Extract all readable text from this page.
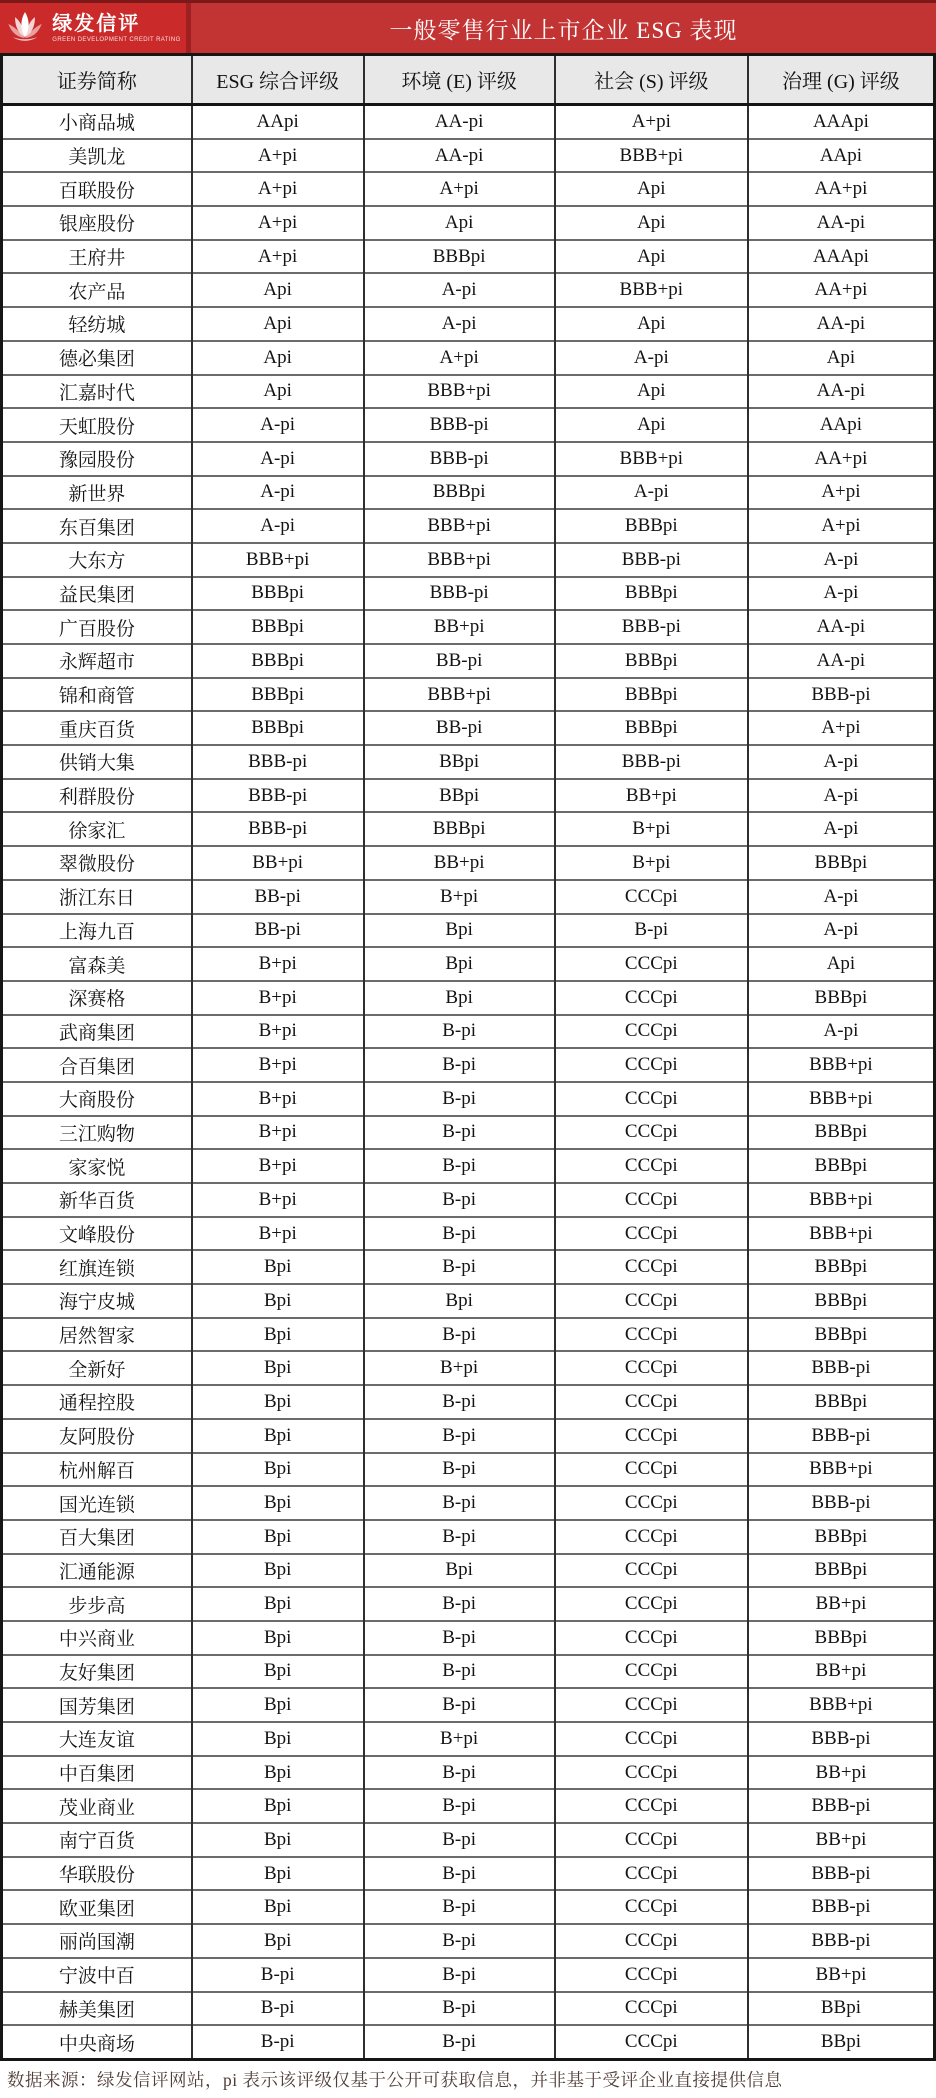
绿发信评
GREEN DEVELOPMENT CREDIT RATING	一般零售行业上市企业 ESG 表现
证券简称	ESG 综合评级	环境 (E) 评级	社会 (S) 评级	治理 (G) 评级
小商品城	AApi	AA-pi	A+pi	AAApi
美凯龙	A+pi	AA-pi	BBB+pi	AApi
百联股份	A+pi	A+pi	Api	AA+pi
银座股份	A+pi	Api	Api	AA-pi
王府井	A+pi	BBBpi	Api	AAApi
农产品	Api	A-pi	BBB+pi	AA+pi
轻纺城	Api	A-pi	Api	AA-pi
德必集团	Api	A+pi	A-pi	Api
汇嘉时代	Api	BBB+pi	Api	AA-pi
天虹股份	A-pi	BBB-pi	Api	AApi
豫园股份	A-pi	BBB-pi	BBB+pi	AA+pi
新世界	A-pi	BBBpi	A-pi	A+pi
东百集团	A-pi	BBB+pi	BBBpi	A+pi
大东方	BBB+pi	BBB+pi	BBB-pi	A-pi
益民集团	BBBpi	BBB-pi	BBBpi	A-pi
广百股份	BBBpi	BB+pi	BBB-pi	AA-pi
永辉超市	BBBpi	BB-pi	BBBpi	AA-pi
锦和商管	BBBpi	BBB+pi	BBBpi	BBB-pi
重庆百货	BBBpi	BB-pi	BBBpi	A+pi
供销大集	BBB-pi	BBpi	BBB-pi	A-pi
利群股份	BBB-pi	BBpi	BB+pi	A-pi
徐家汇	BBB-pi	BBBpi	B+pi	A-pi
翠微股份	BB+pi	BB+pi	B+pi	BBBpi
浙江东日	BB-pi	B+pi	CCCpi	A-pi
上海九百	BB-pi	Bpi	B-pi	A-pi
富森美	B+pi	Bpi	CCCpi	Api
深赛格	B+pi	Bpi	CCCpi	BBBpi
武商集团	B+pi	B-pi	CCCpi	A-pi
合百集团	B+pi	B-pi	CCCpi	BBB+pi
大商股份	B+pi	B-pi	CCCpi	BBB+pi
三江购物	B+pi	B-pi	CCCpi	BBBpi
家家悦	B+pi	B-pi	CCCpi	BBBpi
新华百货	B+pi	B-pi	CCCpi	BBB+pi
文峰股份	B+pi	B-pi	CCCpi	BBB+pi
红旗连锁	Bpi	B-pi	CCCpi	BBBpi
海宁皮城	Bpi	Bpi	CCCpi	BBBpi
居然智家	Bpi	B-pi	CCCpi	BBBpi
全新好	Bpi	B+pi	CCCpi	BBB-pi
通程控股	Bpi	B-pi	CCCpi	BBBpi
友阿股份	Bpi	B-pi	CCCpi	BBB-pi
杭州解百	Bpi	B-pi	CCCpi	BBB+pi
国光连锁	Bpi	B-pi	CCCpi	BBB-pi
百大集团	Bpi	B-pi	CCCpi	BBBpi
汇通能源	Bpi	Bpi	CCCpi	BBBpi
步步高	Bpi	B-pi	CCCpi	BB+pi
中兴商业	Bpi	B-pi	CCCpi	BBBpi
友好集团	Bpi	B-pi	CCCpi	BB+pi
国芳集团	Bpi	B-pi	CCCpi	BBB+pi
大连友谊	Bpi	B+pi	CCCpi	BBB-pi
中百集团	Bpi	B-pi	CCCpi	BB+pi
茂业商业	Bpi	B-pi	CCCpi	BBB-pi
南宁百货	Bpi	B-pi	CCCpi	BB+pi
华联股份	Bpi	B-pi	CCCpi	BBB-pi
欧亚集团	Bpi	B-pi	CCCpi	BBB-pi
丽尚国潮	Bpi	B-pi	CCCpi	BBB-pi
宁波中百	B-pi	B-pi	CCCpi	BB+pi
赫美集团	B-pi	B-pi	CCCpi	BBpi
中央商场	B-pi	B-pi	CCCpi	BBpi
数据来源：绿发信评网站，pi 表示该评级仅基于公开可获取信息，并非基于受评企业直接提供信息
